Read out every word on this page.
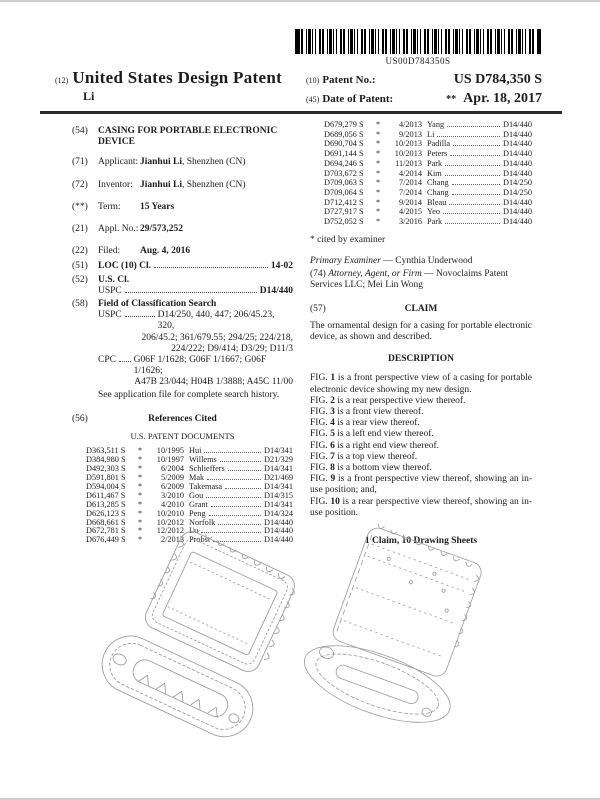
US00D784350S
(12) United States Design Patent
Li
(10) Patent No.:	US D784,350 S
(45) Date of Patent:	** Apr. 18, 2017
(54)	CASING FOR PORTABLE ELECTRONIC DEVICE
(71)	Applicant: Jianhui Li, Shenzhen (CN)
(72)	Inventor: Jianhui Li, Shenzhen (CN)
(**)	Term: 15 Years
(21)	Appl. No.: 29/573,252
(22)	Filed: Aug. 4, 2016
(51)	LOC (10) Cl.	14-02
(52)	U.S. Cl.
USPC	D14/440
(58)	Field of Classification Search
USPC	D14/250, 440, 447; 206/45.23, 320,
206/45.2; 361/679.55; 294/25; 224/218,
224/222; D9/414; D3/29; D11/3
CPC G06F 1/1628; G06F 1/1667; G06F 1/1626;
A47B 23/044; H04B 1/3888; A45C 11/00
See application file for complete search history.
(56)	References Cited
U.S. PATENT DOCUMENTS
D363,511 S	*	10/1995 Hui	D14/341
D384,980 S	*	10/1997 Willems	D21/329
D492,303 S	*	6/2004 Schlieffers	D14/341
D591,801 S	*	5/2009 Mak	D21/469
D594,004 S	*	6/2009 Takemasa	D14/341
D611,467 S	*	3/2010 Gou	D14/315
D613,285 S	*	4/2010 Grant	D14/341
D626,123 S	*	10/2010 Peng	D14/324
D668,661 S	*	10/2012 Norfolk	D14/440
D672,781 S	*	12/2012 Lu	D14/440
D676,449 S	*	2/2013 Probst	D14/440
D679,279 S	*	4/2013 Yang	D14/440
D689,056 S	*	9/2013 Li	D14/440
D690,704 S	*	10/2013 Padilla	D14/440
D691,144 S	*	10/2013 Peters	D14/440
D694,246 S	*	11/2013 Park	D14/440
D703,672 S	*	4/2014 Kim	D14/440
D709,063 S	*	7/2014 Chang	D14/250
D709,064 S	*	7/2014 Chang	D14/250
D712,412 S	*	9/2014 Bleau	D14/440
D727,917 S	*	4/2015 Yeo	D14/440
D752,052 S	*	3/2016 Park	D14/440
* cited by examiner
Primary Examiner — Cynthia Underwood
(74) Attorney, Agent, or Firm — Novoclaims Patent Services LLC; Mei Lin Wong
(57)	CLAIM
The ornamental design for a casing for portable electronic device, as shown and described.
DESCRIPTION
FIG. 1 is a front perspective view of a casing for portable electronic device showing my new design.
FIG. 2 is a rear perspective view thereof.
FIG. 3 is a front view thereof.
FIG. 4 is a rear view thereof.
FIG. 5 is a left end view thereof.
FIG. 6 is a right end view thereof.
FIG. 7 is a top view thereof.
FIG. 8 is a bottom view thereof.
FIG. 9 is a front perspective view thereof, showing an in-use position; and,
FIG. 10 is a rear perspective view thereof, showing an in-use position.
1 Claim, 10 Drawing Sheets
